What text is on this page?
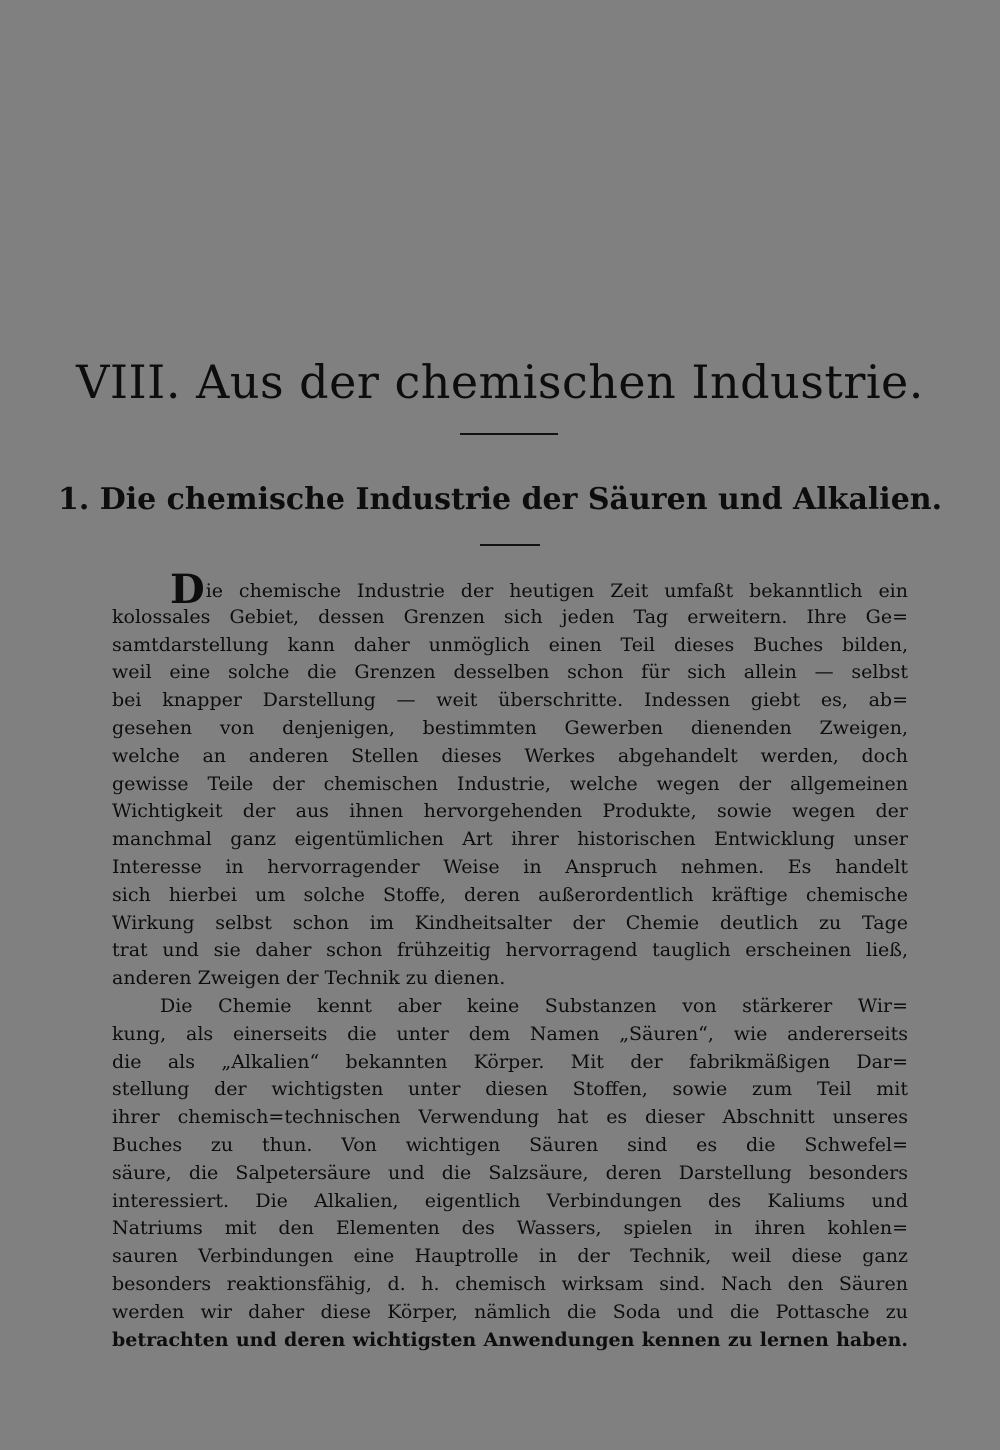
VIII. Aus der chemischen Industrie.
1. Die chemische Industrie der Säuren und Alkalien.
Die chemische Industrie der heutigen Zeit umfaßt bekanntlich ein
kolossales Gebiet, dessen Grenzen sich jeden Tag erweitern. Ihre Ge=
samtdarstellung kann daher unmöglich einen Teil dieses Buches bilden,
weil eine solche die Grenzen desselben schon für sich allein — selbst
bei knapper Darstellung — weit überschritte. Indessen giebt es, ab=
gesehen von denjenigen, bestimmten Gewerben dienenden Zweigen,
welche an anderen Stellen dieses Werkes abgehandelt werden, doch
gewisse Teile der chemischen Industrie, welche wegen der allgemeinen
Wichtigkeit der aus ihnen hervorgehenden Produkte, sowie wegen der
manchmal ganz eigentümlichen Art ihrer historischen Entwicklung unser
Interesse in hervorragender Weise in Anspruch nehmen. Es handelt
sich hierbei um solche Stoffe, deren außerordentlich kräftige chemische
Wirkung selbst schon im Kindheitsalter der Chemie deutlich zu Tage
trat und sie daher schon frühzeitig hervorragend tauglich erscheinen ließ,
anderen Zweigen der Technik zu dienen.
Die Chemie kennt aber keine Substanzen von stärkerer Wir=
kung, als einerseits die unter dem Namen „Säuren“, wie andererseits
die als „Alkalien“ bekannten Körper. Mit der fabrikmäßigen Dar=
stellung der wichtigsten unter diesen Stoffen, sowie zum Teil mit
ihrer chemisch=technischen Verwendung hat es dieser Abschnitt unseres
Buches zu thun. Von wichtigen Säuren sind es die Schwefel=
säure, die Salpetersäure und die Salzsäure, deren Darstellung besonders
interessiert. Die Alkalien, eigentlich Verbindungen des Kaliums und
Natriums mit den Elementen des Wassers, spielen in ihren kohlen=
sauren Verbindungen eine Hauptrolle in der Technik, weil diese ganz
besonders reaktionsfähig, d. h. chemisch wirksam sind. Nach den Säuren
werden wir daher diese Körper, nämlich die Soda und die Pottasche zu
betrachten und deren wichtigsten Anwendungen kennen zu lernen haben.
